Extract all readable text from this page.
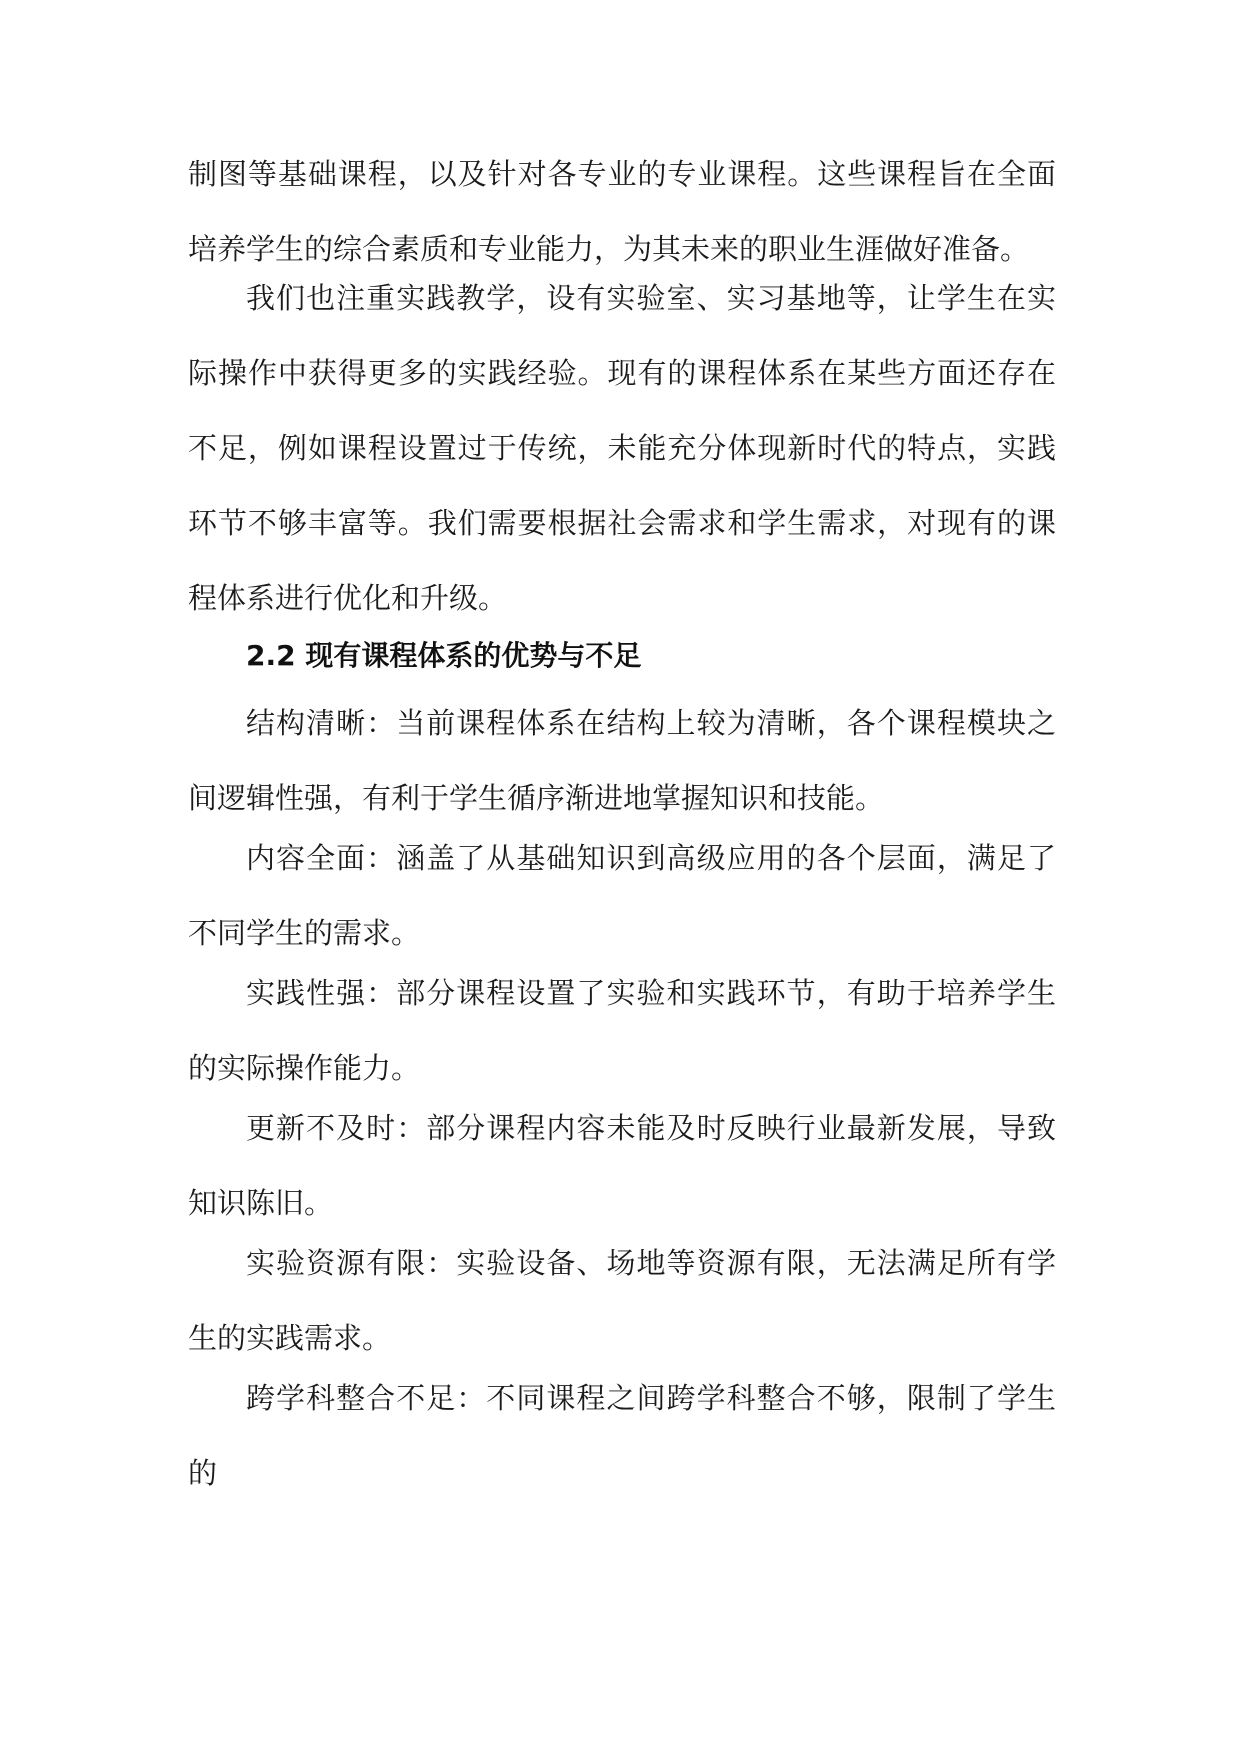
制图等基础课程，以及针对各专业的专业课程。这些课程旨在全面培养学生的综合素质和专业能力，为其未来的职业生涯做好准备。

我们也注重实践教学，设有实验室、实习基地等，让学生在实际操作中获得更多的实践经验。现有的课程体系在某些方面还存在不足，例如课程设置过于传统，未能充分体现新时代的特点，实践环节不够丰富等。我们需要根据社会需求和学生需求，对现有的课程体系进行优化和升级。

2.2 现有课程体系的优势与不足

结构清晰：当前课程体系在结构上较为清晰，各个课程模块之间逻辑性强，有利于学生循序渐进地掌握知识和技能。

内容全面：涵盖了从基础知识到高级应用的各个层面，满足了不同学生的需求。

实践性强：部分课程设置了实验和实践环节，有助于培养学生的实际操作能力。

更新不及时：部分课程内容未能及时反映行业最新发展，导致知识陈旧。

实验资源有限：实验设备、场地等资源有限，无法满足所有学生的实践需求。

跨学科整合不足：不同课程之间跨学科整合不够，限制了学生的
